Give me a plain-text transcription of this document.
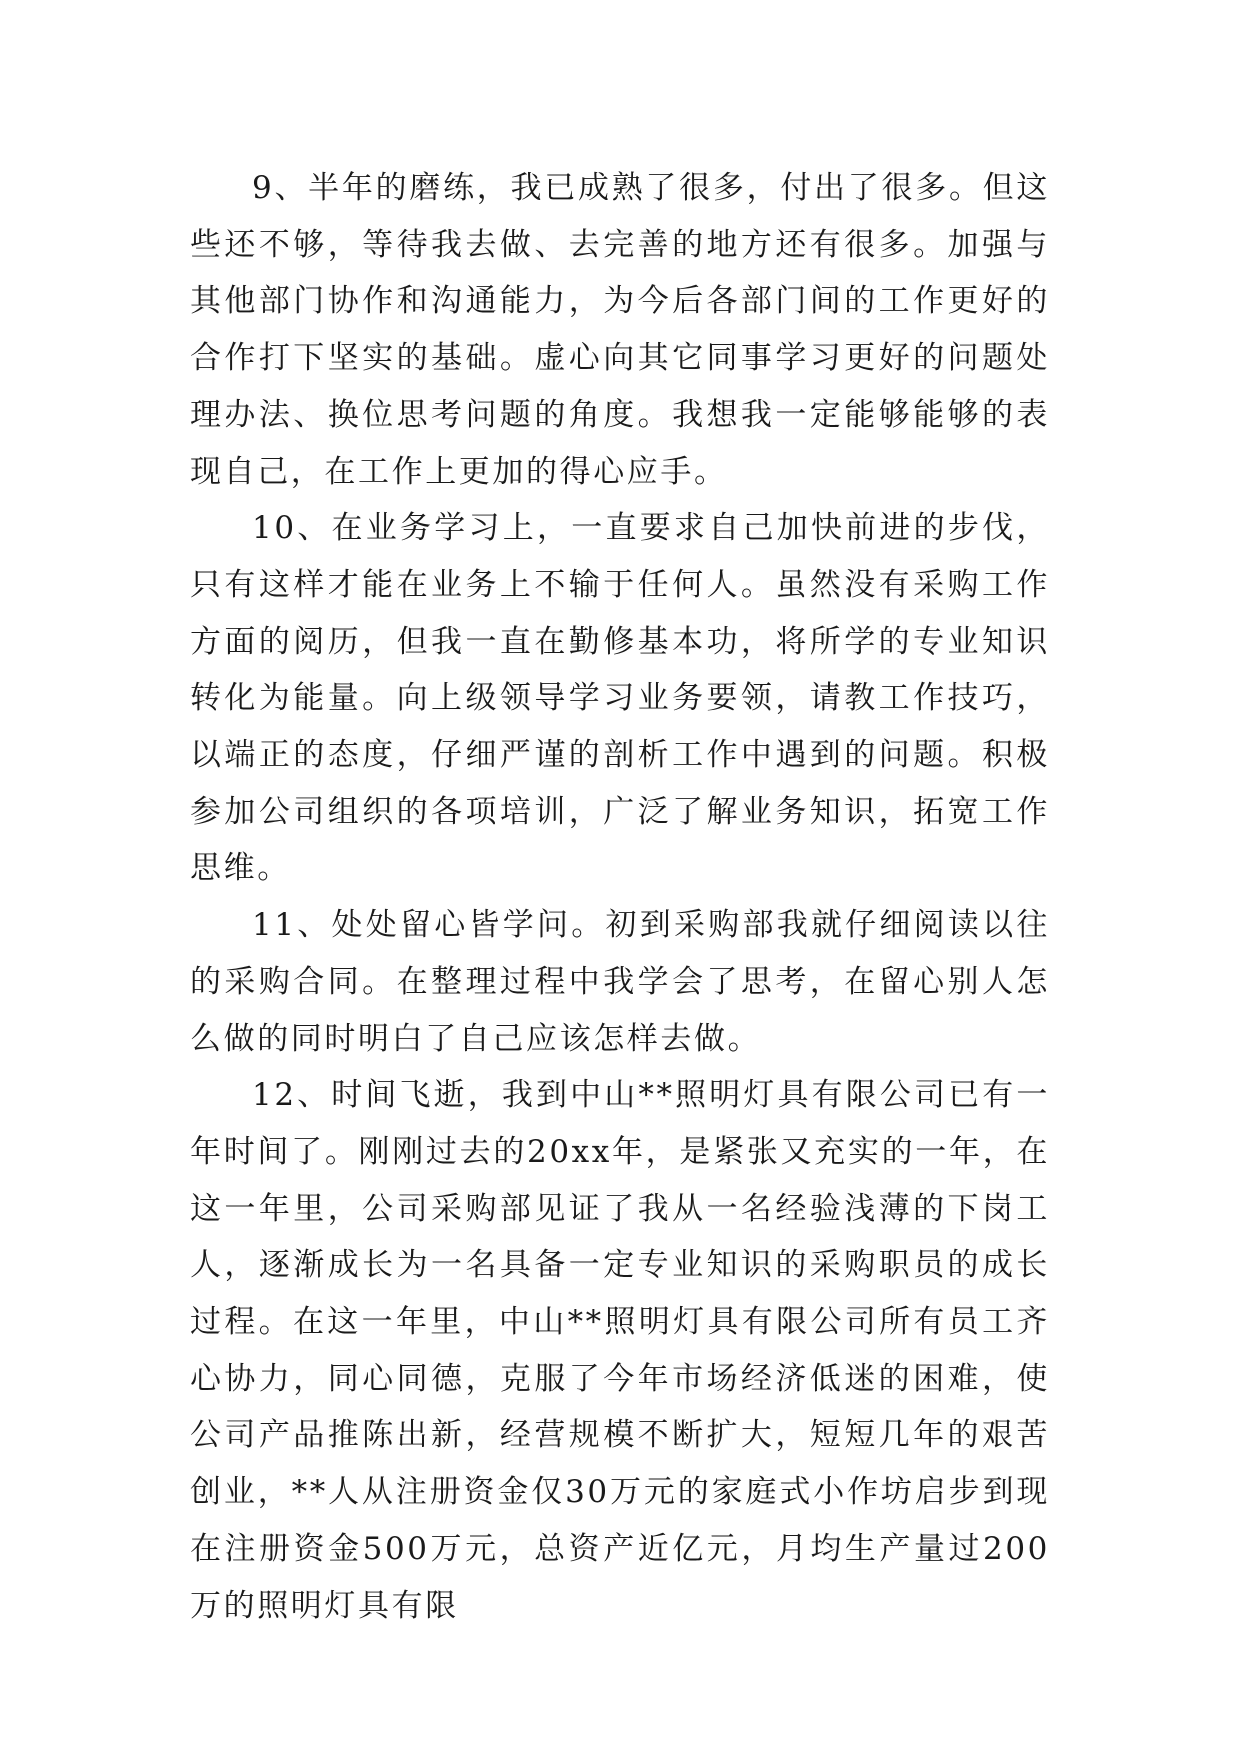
9、半年的磨练，我已成熟了很多，付出了很多。但这些还不够，等待我去做、去完善的地方还有很多。加强与其他部门协作和沟通能力，为今后各部门间的工作更好的合作打下坚实的基础。虚心向其它同事学习更好的问题处理办法、换位思考问题的角度。我想我一定能够能够的表现自己，在工作上更加的得心应手。

10、在业务学习上，一直要求自己加快前进的步伐，只有这样才能在业务上不输于任何人。虽然没有采购工作方面的阅历，但我一直在勤修基本功，将所学的专业知识转化为能量。向上级领导学习业务要领，请教工作技巧，以端正的态度，仔细严谨的剖析工作中遇到的问题。积极参加公司组织的各项培训，广泛了解业务知识，拓宽工作思维。

11、处处留心皆学问。初到采购部我就仔细阅读以往的采购合同。在整理过程中我学会了思考，在留心别人怎么做的同时明白了自己应该怎样去做。

12、时间飞逝，我到中山**照明灯具有限公司已有一年时间了。刚刚过去的20xx年，是紧张又充实的一年，在这一年里，公司采购部见证了我从一名经验浅薄的下岗工人，逐渐成长为一名具备一定专业知识的采购职员的成长过程。在这一年里，中山**照明灯具有限公司所有员工齐心协力，同心同德，克服了今年市场经济低迷的困难，使公司产品推陈出新，经营规模不断扩大，短短几年的艰苦创业，**人从注册资金仅30万元的家庭式小作坊启步到现在注册资金500万元，总资产近亿元，月均生产量过200万的照明灯具有限
